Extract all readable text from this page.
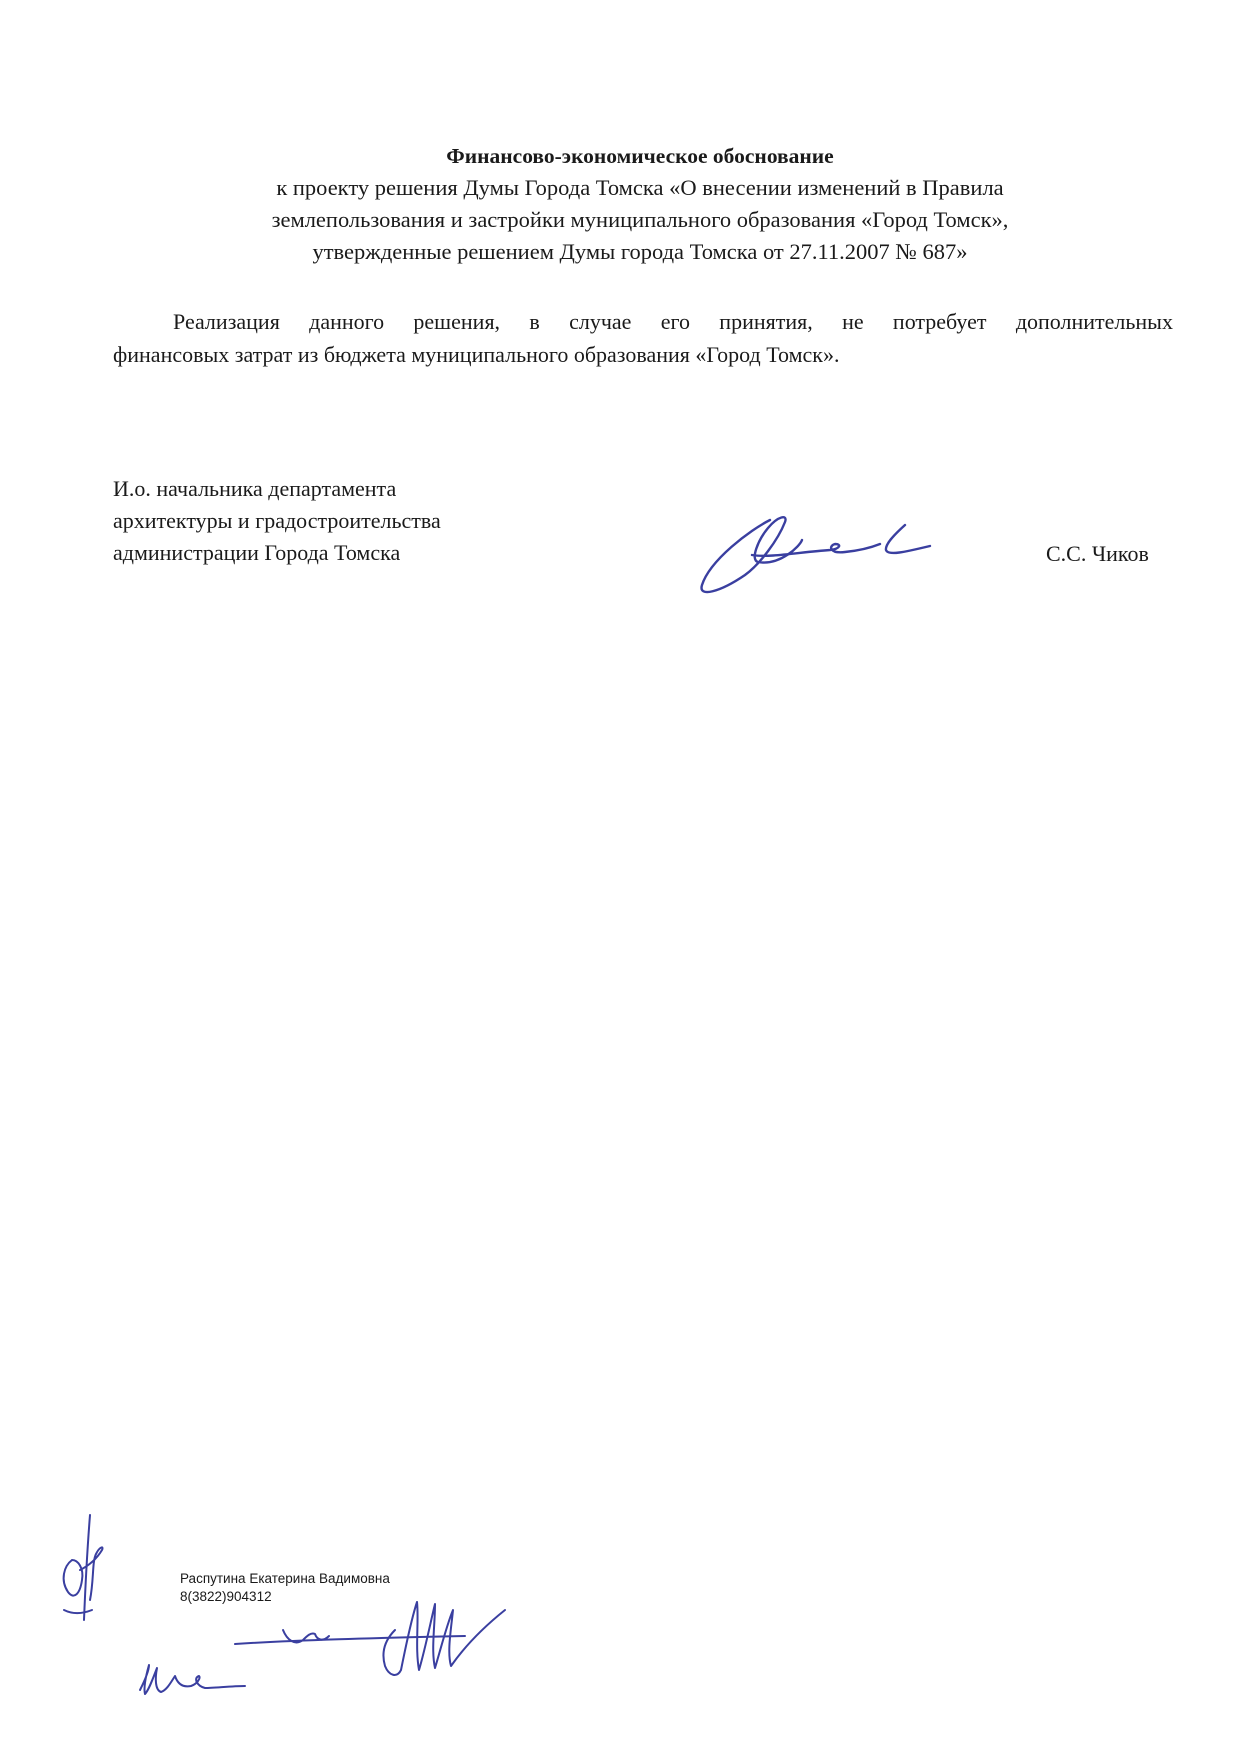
Финансово-экономическое обоснование
к проекту решения Думы Города Томска «О внесении изменений в Правила
землепользования и застройки муниципального образования «Город Томск»,
утвержденные решением Думы города Томска от 27.11.2007 № 687»
Реализация данного решения, в случае его принятия, не потребует дополнительных
финансовых затрат из бюджета муниципального образования «Город Томск».
И.о. начальника департамента
архитектуры и градостроительства
администрации Города Томска	С.С. Чиков
Распутина Екатерина Вадимовна
8(3822)904312
